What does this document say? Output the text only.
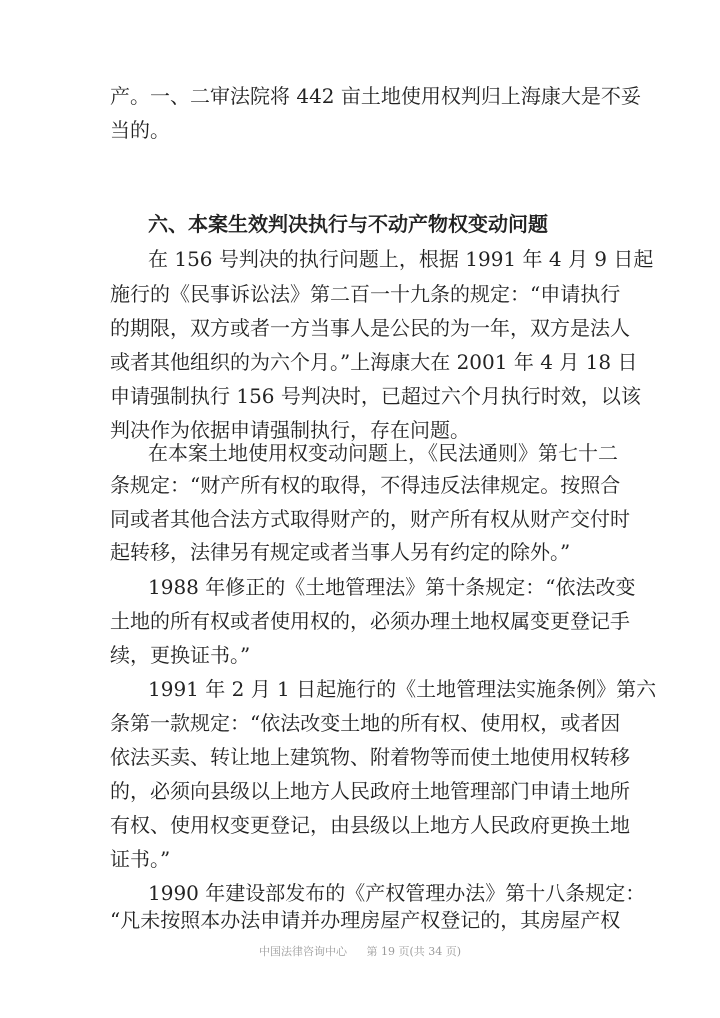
产。一、二审法院将 442 亩土地使用权判归上海康大是不妥
当的。
六、本案生效判决执行与不动产物权变动问题
在 156 号判决的执行问题上，根据 1991 年 4 月 9 日起
施行的《民事诉讼法》第二百一十九条的规定：“申请执行
的期限，双方或者一方当事人是公民的为一年，双方是法人
或者其他组织的为六个月。”上海康大在 2001 年 4 月 18 日
申请强制执行 156 号判决时，已超过六个月执行时效，以该
判决作为依据申请强制执行，存在问题。
在本案土地使用权变动问题上，《民法通则》第七十二
条规定：“财产所有权的取得，不得违反法律规定。按照合
同或者其他合法方式取得财产的，财产所有权从财产交付时
起转移，法律另有规定或者当事人另有约定的除外。”
1988 年修正的《土地管理法》第十条规定：“依法改变
土地的所有权或者使用权的，必须办理土地权属变更登记手
续，更换证书。”
1991 年 2 月 1 日起施行的《土地管理法实施条例》第六
条第一款规定：“依法改变土地的所有权、使用权，或者因
依法买卖、转让地上建筑物、附着物等而使土地使用权转移
的，必须向县级以上地方人民政府土地管理部门申请土地所
有权、使用权变更登记，由县级以上地方人民政府更换土地
证书。”
1990 年建设部发布的《产权管理办法》第十八条规定：
“凡未按照本办法申请并办理房屋产权登记的，其房屋产权
中国法律咨询中心 第 19 页(共 34 页)
